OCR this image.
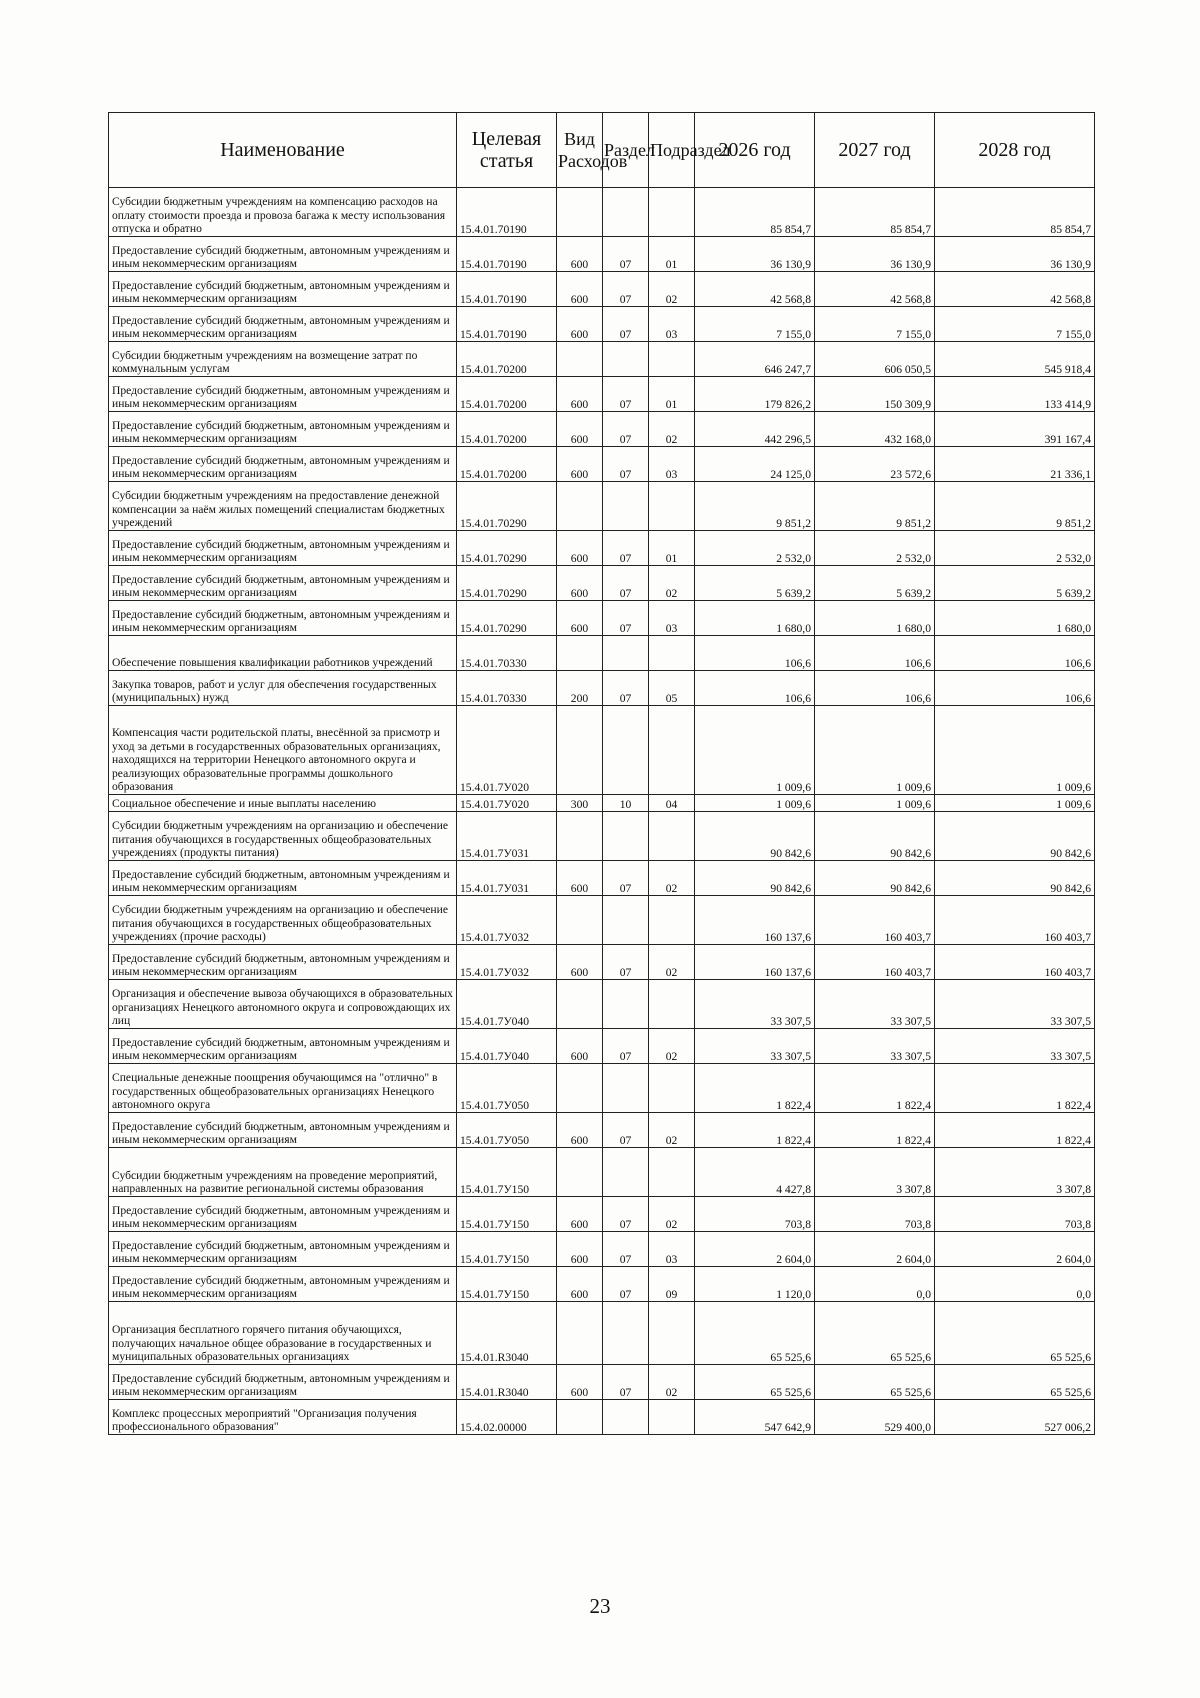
Наименование	Целевая статья	Вид Расходов	Раздел	Подраздел	2026 год	2027 год	2028 год
Субсидии бюджетным учреждениям на компенсацию расходов на оплату стоимости проезда и провоза багажа к месту использования отпуска и обратно	15.4.01.70190				85 854,7	85 854,7	85 854,7
Предоставление субсидий бюджетным, автономным учреждениям и иным некоммерческим организациям	15.4.01.70190	600	07	01	36 130,9	36 130,9	36 130,9
Предоставление субсидий бюджетным, автономным учреждениям и иным некоммерческим организациям	15.4.01.70190	600	07	02	42 568,8	42 568,8	42 568,8
Предоставление субсидий бюджетным, автономным учреждениям и иным некоммерческим организациям	15.4.01.70190	600	07	03	7 155,0	7 155,0	7 155,0
Субсидии бюджетным учреждениям на возмещение затрат по коммунальным услугам	15.4.01.70200				646 247,7	606 050,5	545 918,4
Предоставление субсидий бюджетным, автономным учреждениям и иным некоммерческим организациям	15.4.01.70200	600	07	01	179 826,2	150 309,9	133 414,9
Предоставление субсидий бюджетным, автономным учреждениям и иным некоммерческим организациям	15.4.01.70200	600	07	02	442 296,5	432 168,0	391 167,4
Предоставление субсидий бюджетным, автономным учреждениям и иным некоммерческим организациям	15.4.01.70200	600	07	03	24 125,0	23 572,6	21 336,1
Субсидии бюджетным учреждениям на предоставление денежной компенсации за наём жилых помещений специалистам бюджетных учреждений	15.4.01.70290				9 851,2	9 851,2	9 851,2
Предоставление субсидий бюджетным, автономным учреждениям и иным некоммерческим организациям	15.4.01.70290	600	07	01	2 532,0	2 532,0	2 532,0
Предоставление субсидий бюджетным, автономным учреждениям и иным некоммерческим организациям	15.4.01.70290	600	07	02	5 639,2	5 639,2	5 639,2
Предоставление субсидий бюджетным, автономным учреждениям и иным некоммерческим организациям	15.4.01.70290	600	07	03	1 680,0	1 680,0	1 680,0
Обеспечение повышения квалификации работников учреждений	15.4.01.70330				106,6	106,6	106,6
Закупка товаров, работ и услуг для обеспечения государственных (муниципальных) нужд	15.4.01.70330	200	07	05	106,6	106,6	106,6
Компенсация части родительской платы, внесённой за присмотр и уход за детьми в государственных образовательных организациях, находящихся на территории Ненецкого автономного округа и реализующих образовательные программы дошкольного образования	15.4.01.7У020				1 009,6	1 009,6	1 009,6
Социальное обеспечение и иные выплаты населению	15.4.01.7У020	300	10	04	1 009,6	1 009,6	1 009,6
Субсидии бюджетным учреждениям на организацию и обеспечение питания обучающихся в государственных общеобразовательных учреждениях (продукты питания)	15.4.01.7У031				90 842,6	90 842,6	90 842,6
Предоставление субсидий бюджетным, автономным учреждениям и иным некоммерческим организациям	15.4.01.7У031	600	07	02	90 842,6	90 842,6	90 842,6
Субсидии бюджетным учреждениям на организацию и обеспечение питания обучающихся в государственных общеобразовательных учреждениях (прочие расходы)	15.4.01.7У032				160 137,6	160 403,7	160 403,7
Предоставление субсидий бюджетным, автономным учреждениям и иным некоммерческим организациям	15.4.01.7У032	600	07	02	160 137,6	160 403,7	160 403,7
Организация и обеспечение вывоза обучающихся в образовательных организациях Ненецкого автономного округа и сопровождающих их лиц	15.4.01.7У040				33 307,5	33 307,5	33 307,5
Предоставление субсидий бюджетным, автономным учреждениям и иным некоммерческим организациям	15.4.01.7У040	600	07	02	33 307,5	33 307,5	33 307,5
Специальные денежные поощрения обучающимся на "отлично" в государственных общеобразовательных организациях Ненецкого автономного округа	15.4.01.7У050				1 822,4	1 822,4	1 822,4
Предоставление субсидий бюджетным, автономным учреждениям и иным некоммерческим организациям	15.4.01.7У050	600	07	02	1 822,4	1 822,4	1 822,4
Субсидии бюджетным учреждениям на проведение мероприятий, направленных на развитие региональной системы образования	15.4.01.7У150				4 427,8	3 307,8	3 307,8
Предоставление субсидий бюджетным, автономным учреждениям и иным некоммерческим организациям	15.4.01.7У150	600	07	02	703,8	703,8	703,8
Предоставление субсидий бюджетным, автономным учреждениям и иным некоммерческим организациям	15.4.01.7У150	600	07	03	2 604,0	2 604,0	2 604,0
Предоставление субсидий бюджетным, автономным учреждениям и иным некоммерческим организациям	15.4.01.7У150	600	07	09	1 120,0	0,0	0,0
Организация бесплатного горячего питания обучающихся, получающих начальное общее образование в государственных и муниципальных образовательных организациях	15.4.01.R3040				65 525,6	65 525,6	65 525,6
Предоставление субсидий бюджетным, автономным учреждениям и иным некоммерческим организациям	15.4.01.R3040	600	07	02	65 525,6	65 525,6	65 525,6
Комплекс процессных мероприятий "Организация получения профессионального образования"	15.4.02.00000				547 642,9	529 400,0	527 006,2
23
